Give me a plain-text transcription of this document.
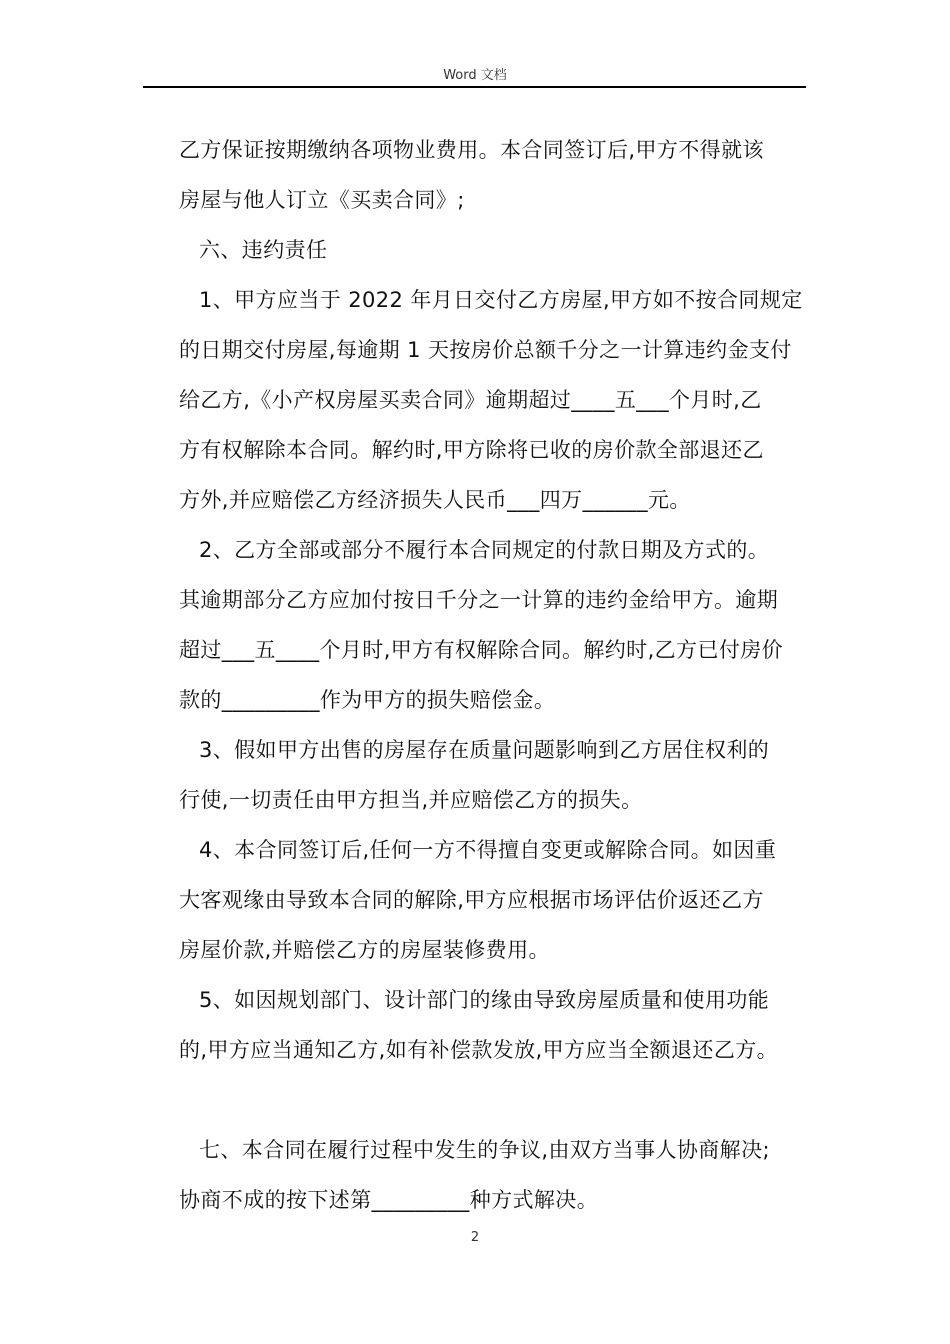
Word 文档
乙方保证按期缴纳各项物业费用。本合同签订后,甲方不得就该
房屋与他人订立《买卖合同》;
六、违约责任
1、甲方应当于 2022 年月日交付乙方房屋,甲方如不按合同规定
的日期交付房屋,每逾期 1 天按房价总额千分之一计算违约金支付
给乙方,《小产权房屋买卖合同》逾期超过____五___个月时,乙
方有权解除本合同。解约时,甲方除将已收的房价款全部退还乙
方外,并应赔偿乙方经济损失人民币___四万______元。
2、乙方全部或部分不履行本合同规定的付款日期及方式的。
其逾期部分乙方应加付按日千分之一计算的违约金给甲方。逾期
超过___五____个月时,甲方有权解除合同。解约时,乙方已付房价
款的_________作为甲方的损失赔偿金。
3、假如甲方出售的房屋存在质量问题影响到乙方居住权利的
行使,一切责任由甲方担当,并应赔偿乙方的损失。
4、本合同签订后,任何一方不得擅自变更或解除合同。如因重
大客观缘由导致本合同的解除,甲方应根据市场评估价返还乙方
房屋价款,并赔偿乙方的房屋装修费用。
5、如因规划部门、设计部门的缘由导致房屋质量和使用功能
的,甲方应当通知乙方,如有补偿款发放,甲方应当全额退还乙方。
七、本合同在履行过程中发生的争议,由双方当事人协商解决;
协商不成的按下述第_________种方式解决。
2
